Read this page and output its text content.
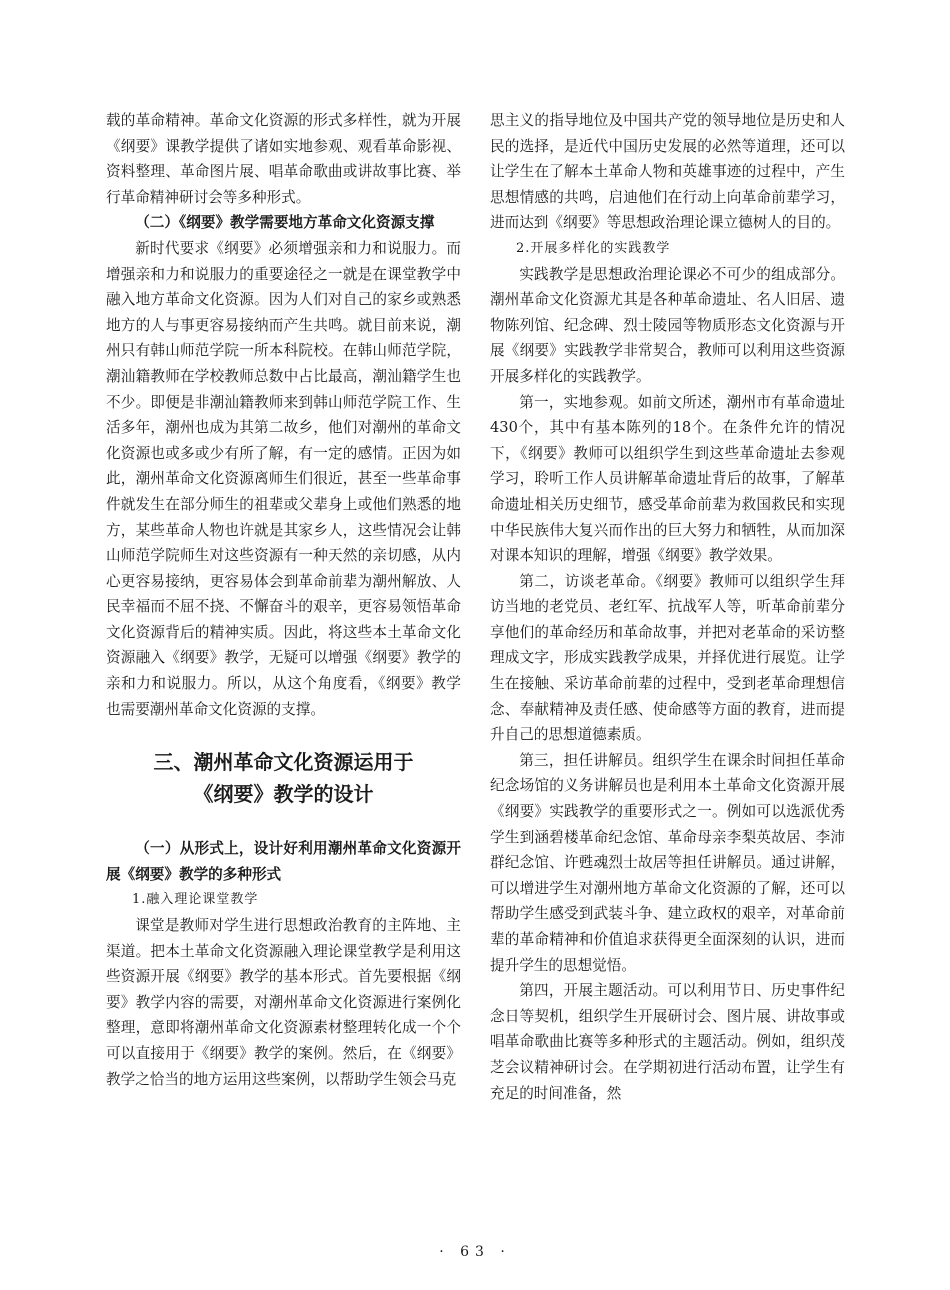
载的革命精神。革命文化资源的形式多样性，就为开展《纲要》课教学提供了诸如实地参观、观看革命影视、资料整理、革命图片展、唱革命歌曲或讲故事比赛、举行革命精神研讨会等多种形式。

（二）《纲要》教学需要地方革命文化资源支撑

新时代要求《纲要》必须增强亲和力和说服力。而增强亲和力和说服力的重要途径之一就是在课堂教学中融入地方革命文化资源。因为人们对自己的家乡或熟悉地方的人与事更容易接纳而产生共鸣。就目前来说，潮州只有韩山师范学院一所本科院校。在韩山师范学院，潮汕籍教师在学校教师总数中占比最高，潮汕籍学生也不少。即便是非潮汕籍教师来到韩山师范学院工作、生活多年，潮州也成为其第二故乡，他们对潮州的革命文化资源也或多或少有所了解，有一定的感情。正因为如此，潮州革命文化资源离师生们很近，甚至一些革命事件就发生在部分师生的祖辈或父辈身上或他们熟悉的地方，某些革命人物也许就是其家乡人，这些情况会让韩山师范学院师生对这些资源有一种天然的亲切感，从内心更容易接纳，更容易体会到革命前辈为潮州解放、人民幸福而不屈不挠、不懈奋斗的艰辛，更容易领悟革命文化资源背后的精神实质。因此，将这些本土革命文化资源融入《纲要》教学，无疑可以增强《纲要》教学的亲和力和说服力。所以，从这个角度看，《纲要》教学也需要潮州革命文化资源的支撑。

三、潮州革命文化资源运用于
《纲要》教学的设计

（一）从形式上，设计好利用潮州革命文化资源开展《纲要》教学的多种形式

1.融入理论课堂教学

课堂是教师对学生进行思想政治教育的主阵地、主渠道。把本土革命文化资源融入理论课堂教学是利用这些资源开展《纲要》教学的基本形式。首先要根据《纲要》教学内容的需要，对潮州革命文化资源进行案例化整理，意即将潮州革命文化资源素材整理转化成一个个可以直接用于《纲要》教学的案例。然后，在《纲要》教学之恰当的地方运用这些案例，以帮助学生领会马克

思主义的指导地位及中国共产党的领导地位是历史和人民的选择，是近代中国历史发展的必然等道理，还可以让学生在了解本土革命人物和英雄事迹的过程中，产生思想情感的共鸣，启迪他们在行动上向革命前辈学习，进而达到《纲要》等思想政治理论课立德树人的目的。

2.开展多样化的实践教学

实践教学是思想政治理论课必不可少的组成部分。潮州革命文化资源尤其是各种革命遗址、名人旧居、遗物陈列馆、纪念碑、烈士陵园等物质形态文化资源与开展《纲要》实践教学非常契合，教师可以利用这些资源开展多样化的实践教学。

第一，实地参观。如前文所述，潮州市有革命遗址430个，其中有基本陈列的18个。在条件允许的情况下，《纲要》教师可以组织学生到这些革命遗址去参观学习，聆听工作人员讲解革命遗址背后的故事，了解革命遗址相关历史细节，感受革命前辈为救国救民和实现中华民族伟大复兴而作出的巨大努力和牺牲，从而加深对课本知识的理解，增强《纲要》教学效果。

第二，访谈老革命。《纲要》教师可以组织学生拜访当地的老党员、老红军、抗战军人等，听革命前辈分享他们的革命经历和革命故事，并把对老革命的采访整理成文字，形成实践教学成果，并择优进行展览。让学生在接触、采访革命前辈的过程中，受到老革命理想信念、奉献精神及责任感、使命感等方面的教育，进而提升自己的思想道德素质。

第三，担任讲解员。组织学生在课余时间担任革命纪念场馆的义务讲解员也是利用本土革命文化资源开展《纲要》实践教学的重要形式之一。例如可以选派优秀学生到涵碧楼革命纪念馆、革命母亲李梨英故居、李沛群纪念馆、许甦魂烈士故居等担任讲解员。通过讲解，可以增进学生对潮州地方革命文化资源的了解，还可以帮助学生感受到武装斗争、建立政权的艰辛，对革命前辈的革命精神和价值追求获得更全面深刻的认识，进而提升学生的思想觉悟。

第四，开展主题活动。可以利用节日、历史事件纪念日等契机，组织学生开展研讨会、图片展、讲故事或唱革命歌曲比赛等多种形式的主题活动。例如，组织茂芝会议精神研讨会。在学期初进行活动布置，让学生有充足的时间准备，然

· 63 ·
